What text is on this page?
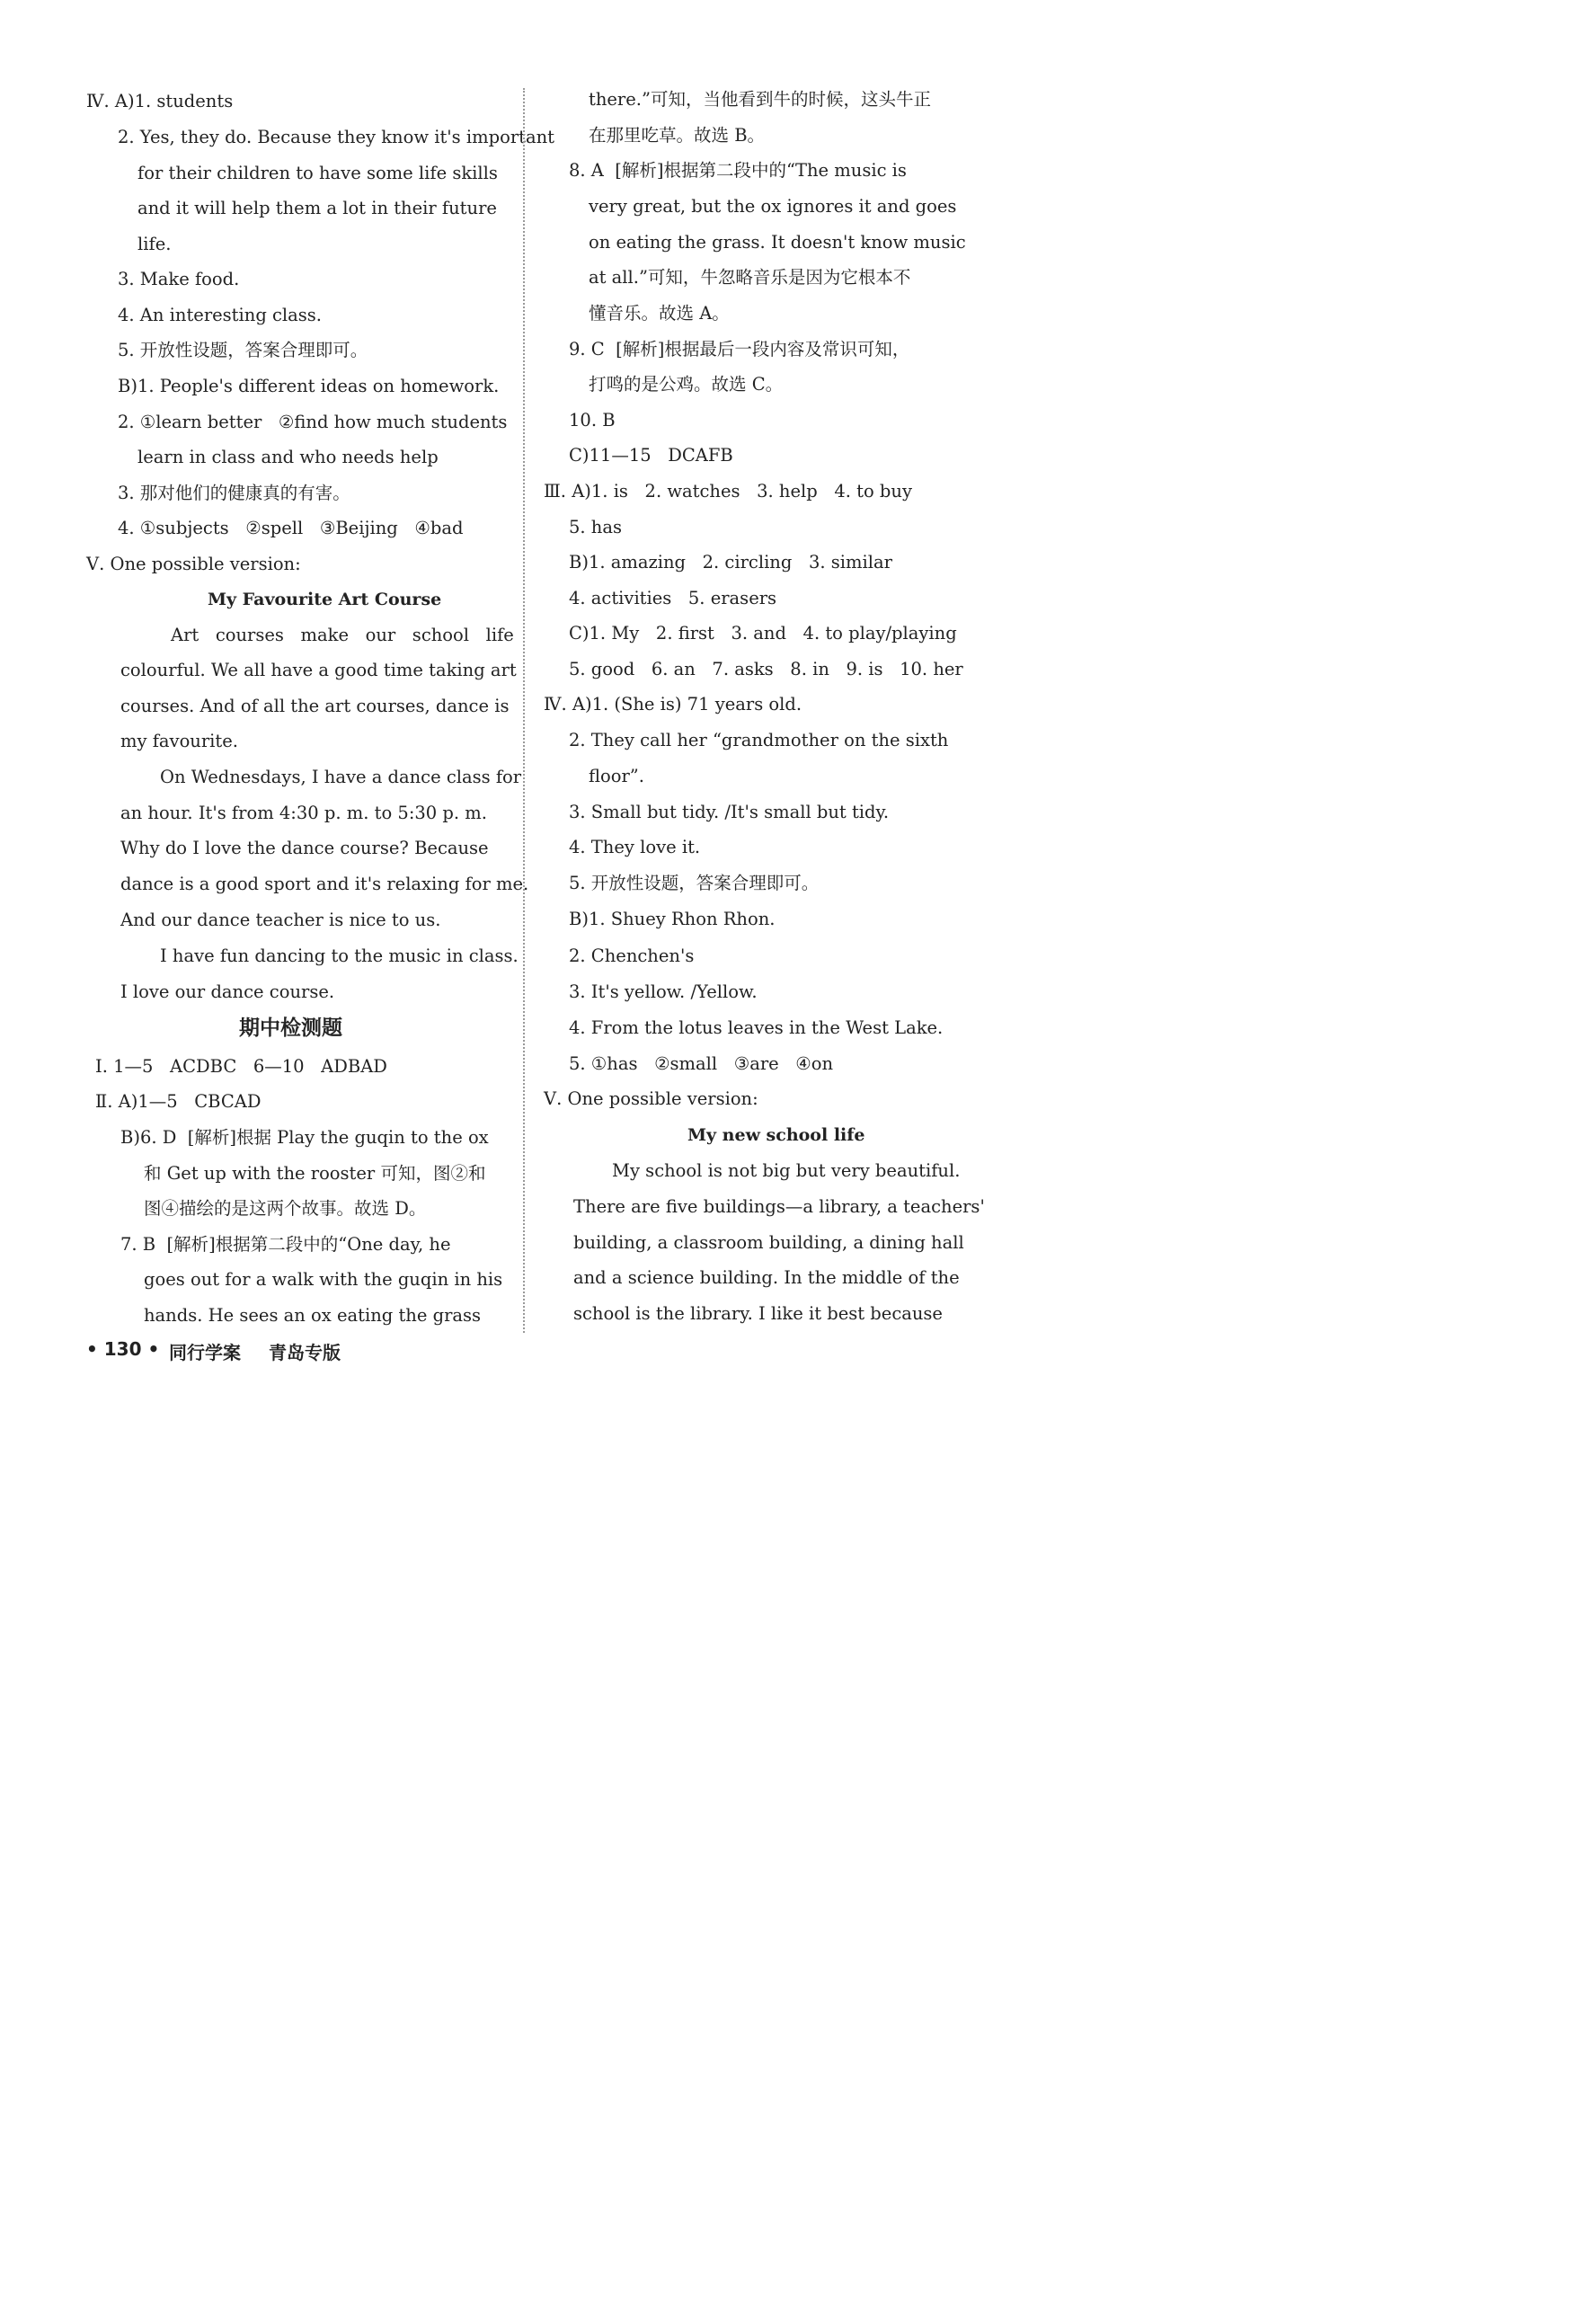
Ⅳ. A)1. students
2. Yes, they do. Because they know it's important
for their children to have some life skills
and it will help them a lot in their future
life.
3. Make food.
4. An interesting class.
5. 开放性设题，答案合理即可。
B)1. People's different ideas on homework.
2. ①learn better   ②find how much students
learn in class and who needs help
3. 那对他们的健康真的有害。
4. ①subjects   ②spell   ③Beijing   ④bad
Ⅴ. One possible version:
My Favourite Art Course
Art   courses   make   our   school   life
colourful. We all have a good time taking art
courses. And of all the art courses, dance is
my favourite.
On Wednesdays, I have a dance class for
an hour. It's from 4:30 p. m. to 5:30 p. m.
Why do I love the dance course? Because
dance is a good sport and it's relaxing for me.
And our dance teacher is nice to us.
I have fun dancing to the music in class.
I love our dance course.
期中检测题
Ⅰ. 1—5   ACDBC   6—10   ADBAD
Ⅱ. A)1—5   CBCAD
B)6. D  [解析]根据 Play the guqin to the ox
和 Get up with the rooster 可知，图②和
图④描绘的是这两个故事。故选 D。
7. B  [解析]根据第二段中的“One day, he
goes out for a walk with the guqin in his
hands. He sees an ox eating the grass
there.”可知，当他看到牛的时候，这头牛正
在那里吃草。故选 B。
8. A  [解析]根据第二段中的“The music is
very great, but the ox ignores it and goes
on eating the grass. It doesn't know music
at all.”可知，牛忽略音乐是因为它根本不
懂音乐。故选 A。
9. C  [解析]根据最后一段内容及常识可知，
打鸣的是公鸡。故选 C。
10. B
C)11—15   DCAFB
Ⅲ. A)1. is   2. watches   3. help   4. to buy
5. has
B)1. amazing   2. circling   3. similar
4. activities   5. erasers
C)1. My   2. first   3. and   4. to play/playing
5. good   6. an   7. asks   8. in   9. is   10. her
Ⅳ. A)1. (She is) 71 years old.
2. They call her “grandmother on the sixth
floor”.
3. Small but tidy. /It's small but tidy.
4. They love it.
5. 开放性设题，答案合理即可。
B)1. Shuey Rhon Rhon.
2. Chenchen's
3. It's yellow. /Yellow.
4. From the lotus leaves in the West Lake.
5. ①has   ②small   ③are   ④on
Ⅴ. One possible version:
My new school life
My school is not big but very beautiful.
There are five buildings—a library, a teachers'
building, a classroom building, a dining hall
and a science building. In the middle of the
school is the library. I like it best because
• 130 • 同行学案 青岛专版
